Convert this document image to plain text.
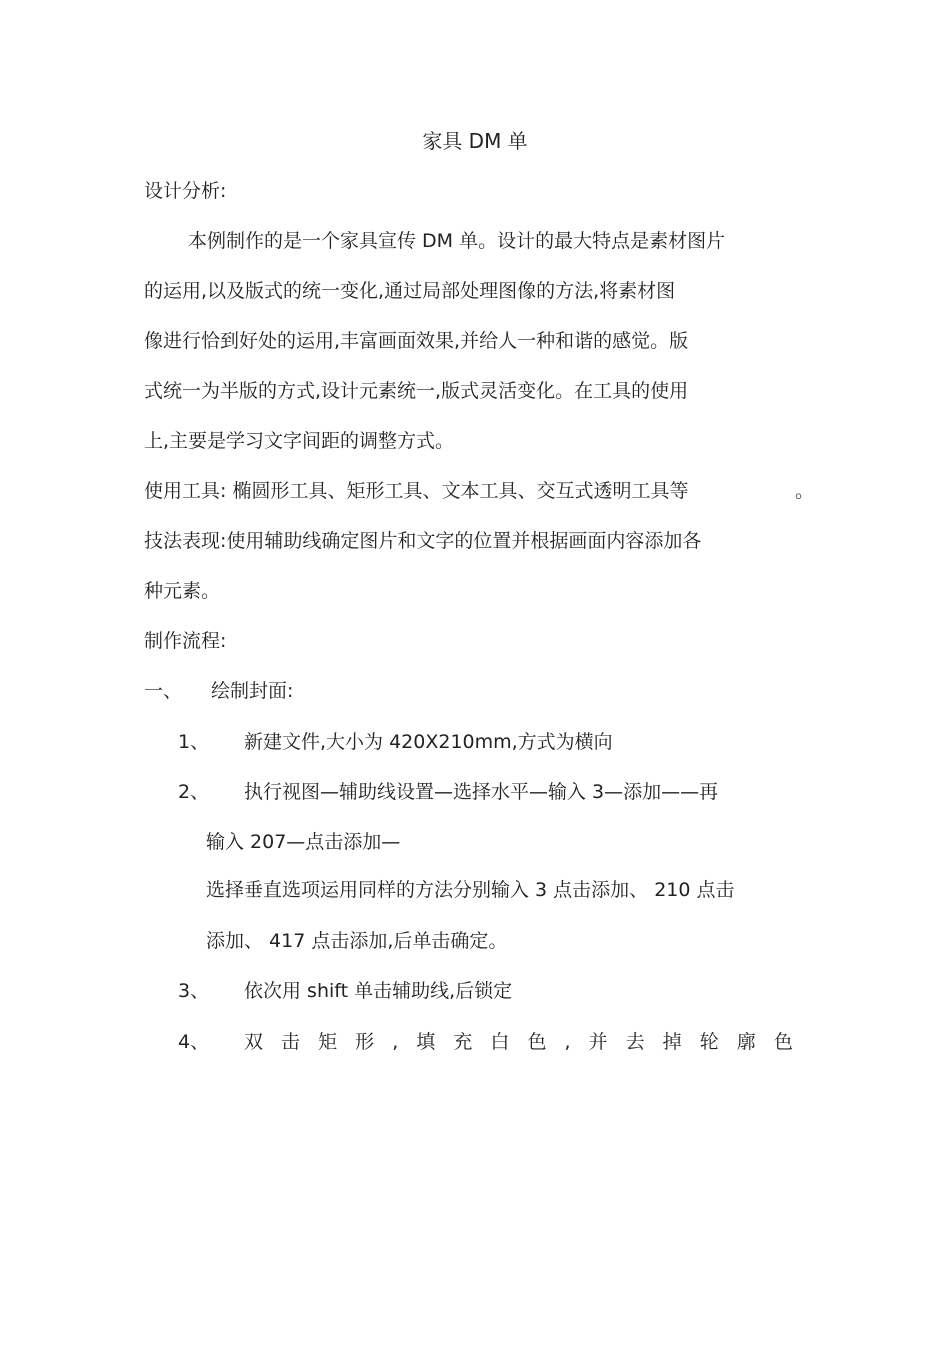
家具 DM 单
设计分析:
本例制作的是一个家具宣传 DM 单。设计的最大特点是素材图片
的运用,以及版式的统一变化,通过局部处理图像的方法,将素材图
像进行恰到好处的运用,丰富画面效果,并给人一种和谐的感觉。版
式统一为半版的方式,设计元素统一,版式灵活变化。在工具的使用
上,主要是学习文字间距的调整方式。
使用工具: 椭圆形工具、矩形工具、文本工具、交互式透明工具等	。
技法表现:使用辅助线确定图片和文字的位置并根据画面内容添加各
种元素。
制作流程:
一、 绘制封面:
1、 新建文件,大小为 420X210mm,方式为横向
2、 执行视图—辅助线设置—选择水平—输入 3—添加——再
输入 207—点击添加—
选择垂直选项运用同样的方法分别输入 3 点击添加、 210 点击
添加、 417 点击添加,后单击确定。
3、 依次用 shift 单击辅助线,后锁定
4、 双击矩形,填充白色,并去掉轮廓色
